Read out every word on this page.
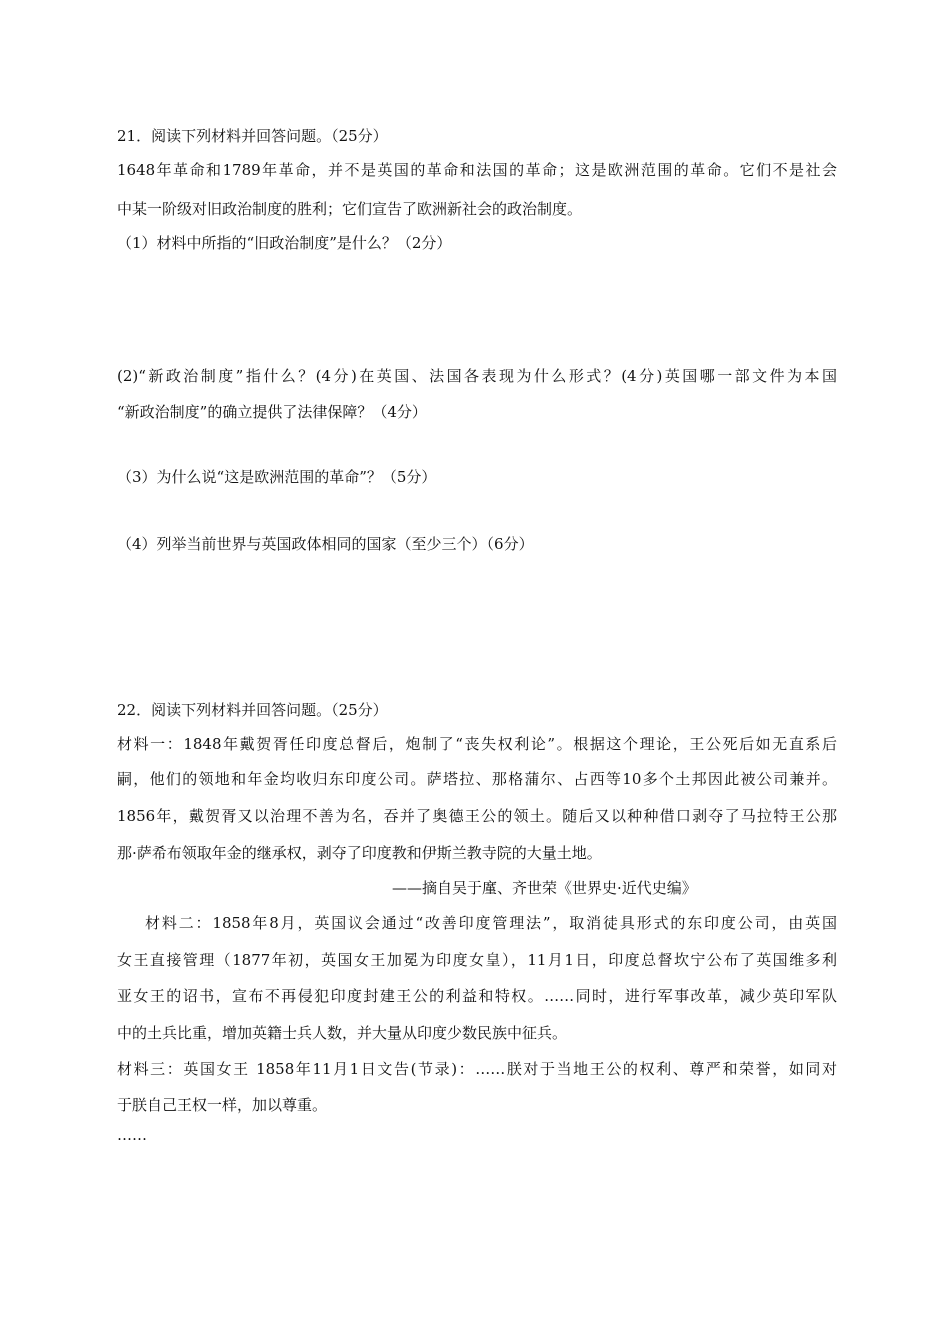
21．阅读下列材料并回答问题。（25分）
1648年革命和1789年革命，并不是英国的革命和法国的革命；这是欧洲范围的革命。它们不是社会
中某一阶级对旧政治制度的胜利；它们宣告了欧洲新社会的政治制度。
（1）材料中所指的“旧政治制度”是什么？（2分）
(2)“新政治制度”指什么？(4分)在英国、法国各表现为什么形式？(4分)英国哪一部文件为本国
“新政治制度”的确立提供了法律保障？（4分）
（3）为什么说“这是欧洲范围的革命”？（5分）
（4）列举当前世界与英国政体相同的国家（至少三个）（6分）
22．阅读下列材料并回答问题。（25分）
材料一：1848年戴贺胥任印度总督后，炮制了“丧失权利论”。根据这个理论，王公死后如无直系后
嗣，他们的领地和年金均收归东印度公司。萨塔拉、那格蒲尔、占西等10多个土邦因此被公司兼并。
1856年，戴贺胥又以治理不善为名，吞并了奥德王公的领土。随后又以种种借口剥夺了马拉特王公那
那·萨希布领取年金的继承权，剥夺了印度教和伊斯兰教寺院的大量土地。
——摘自吴于廑、齐世荣《世界史·近代史编》
材料二：1858年8月，英国议会通过“改善印度管理法”，取消徒具形式的东印度公司，由英国
女王直接管理（1877年初，英国女王加冕为印度女皇），11月1日，印度总督坎宁公布了英国维多利
亚女王的诏书，宣布不再侵犯印度封建王公的利益和特权。……同时，进行军事改革，减少英印军队
中的土兵比重，增加英籍士兵人数，并大量从印度少数民族中征兵。
材料三：英国女王 1858年11月1日文告(节录)：……朕对于当地王公的权利、尊严和荣誉，如同对
于朕自己王权一样，加以尊重。
……
